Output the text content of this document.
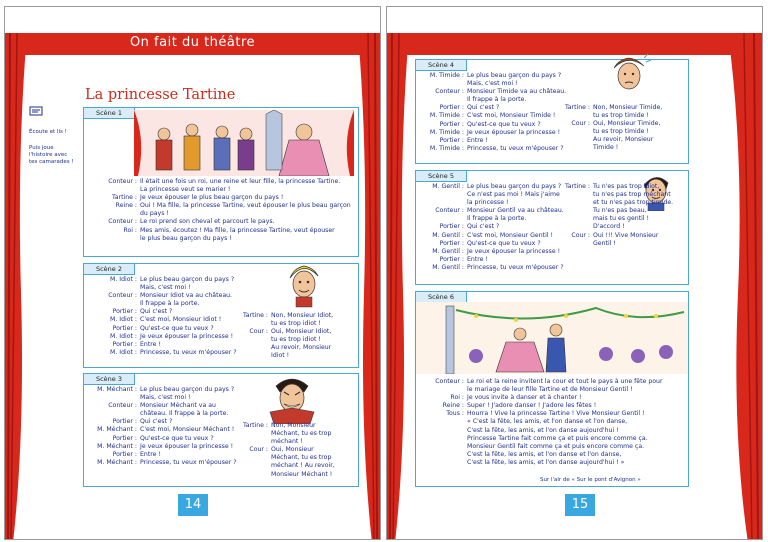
On fait du théâtre
La princesse Tartine
Écoute et lis !
Puis joue
l'histoire avec
tes camarades !
Scène 1
Conteur : Il était une fois un roi, une reine et leur fille, la princesse Tartine.
La princesse veut se marier !
Tartine : Je veux épouser le plus beau garçon du pays !
Reine : Oui ! Ma fille, la princesse Tartine, veut épouser le plus beau garçon
du pays !
Conteur : Le roi prend son cheval et parcourt le pays.
Roi : Mes amis, écoutez ! Ma fille, la princesse Tartine, veut épouser
le plus beau garçon du pays !
Scène 2
M. Idiot : Le plus beau garçon du pays ?
Mais, c'est moi !
Conteur : Monsieur Idiot va au château.
Il frappe à la porte.
Portier : Qui c'est ?
M. Idiot : C'est moi, Monsieur Idiot !
Portier : Qu'est-ce que tu veux ?
M. Idiot : Je veux épouser la princesse !
Portier : Entre !
M. Idiot : Princesse, tu veux m'épouser ?
Tartine : Non, Monsieur Idiot,
tu es trop idiot !
Cour : Oui, Monsieur Idiot,
tu es trop idiot !
Au revoir, Monsieur
Idiot !
Scène 3
M. Méchant : Le plus beau garçon du pays ?
Mais, c'est moi !
Conteur : Monsieur Méchant va au
château. Il frappe à la porte.
Portier : Qui c'est ?
M. Méchant : C'est moi, Monsieur Méchant !
Portier : Qu'est-ce que tu veux ?
M. Méchant : Je veux épouser la princesse !
Portier : Entre !
M. Méchant : Princesse, tu veux m'épouser ?
Tartine : Non, Monsieur
Méchant, tu es trop
méchant !
Cour : Oui, Monsieur
Méchant, tu es trop
méchant ! Au revoir,
Monsieur Méchant !
14
Scène 4
M. Timide : Le plus beau garçon du pays ?
Mais, c'est moi !
Conteur : Monsieur Timide va au château.
Il frappe à la porte.
Portier : Qui c'est ?
M. Timide : C'est moi, Monsieur Timide !
Portier : Qu'est-ce que tu veux ?
M. Timide : Je veux épouser la princesse !
Portier : Entre !
M. Timide : Princesse, tu veux m'épouser ?
Tartine : Non, Monsieur Timide,
tu es trop timide !
Cour : Oui, Monsieur Timide,
tu es trop timide !
Au revoir, Monsieur
Timide !
Scène 5
M. Gentil : Le plus beau garçon du pays ?
Ce n'est pas moi ! Mais j'aime
la princesse !
Conteur : Monsieur Gentil va au château.
Il frappe à la porte.
Portier : Qui c'est ?
M. Gentil : C'est moi, Monsieur Gentil !
Portier : Qu'est-ce que tu veux ?
M. Gentil : Je veux épouser la princesse !
Portier : Entre !
M. Gentil : Princesse, tu veux m'épouser ?
Tartine : Tu n'es pas trop idiot,
tu n'es pas trop méchant
et tu n'es pas trop timide.
Tu n'es pas beau,
mais tu es gentil !
D'accord !
Cour : Oui !!! Vive Monsieur
Gentil !
Scène 6
Conteur : Le roi et la reine invitent la cour et tout le pays à une fête pour
le mariage de leur fille Tartine et de Monsieur Gentil !
Roi : Je vous invite à danser et à chanter !
Reine : Super ! J'adore danser ! J'adore les fêtes !
Tous : Hourra ! Vive la princesse Tartine ! Vive Monsieur Gentil !
« C'est la fête, les amis, et l'on danse et l'on danse,
C'est la fête, les amis, et l'on danse aujourd'hui !
Princesse Tartine fait comme ça et puis encore comme ça.
Monsieur Gentil fait comme ça et puis encore comme ça.
C'est la fête, les amis, et l'on danse et l'on danse,
C'est la fête, les amis, et l'on danse aujourd'hui ! »
Sur l'air de « Sur le pont d'Avignon »
15
